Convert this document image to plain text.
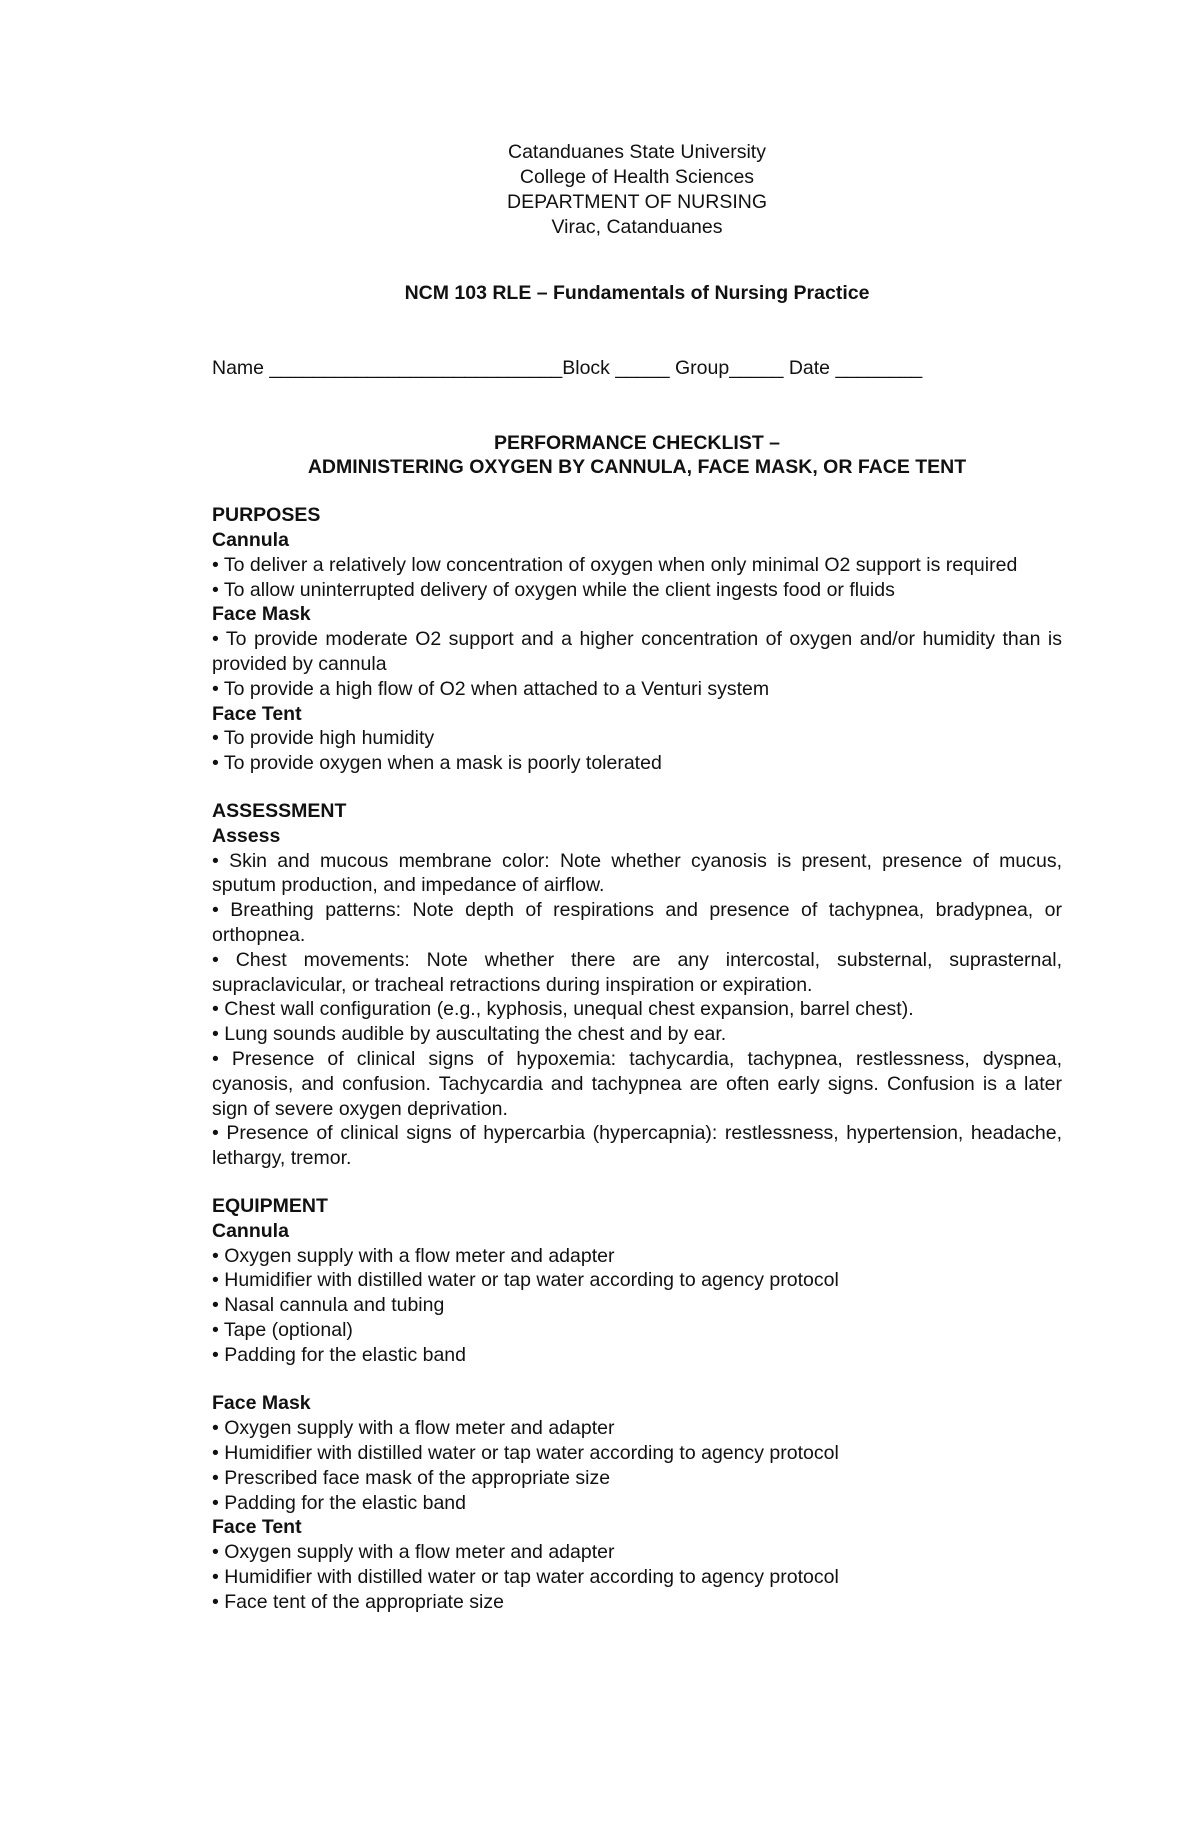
Catanduanes State University
College of Health Sciences
DEPARTMENT OF NURSING
Virac, Catanduanes
NCM 103 RLE – Fundamentals of Nursing Practice
Name ___________________________Block _____ Group_____ Date ________
PERFORMANCE CHECKLIST –
ADMINISTERING OXYGEN BY CANNULA, FACE MASK, OR FACE TENT
PURPOSES
Cannula
• To deliver a relatively low concentration of oxygen when only minimal O2 support is required
• To allow uninterrupted delivery of oxygen while the client ingests food or fluids
Face Mask
• To provide moderate O2 support and a higher concentration of oxygen and/or humidity than is provided by cannula
• To provide a high flow of O2 when attached to a Venturi system
Face Tent
• To provide high humidity
• To provide oxygen when a mask is poorly tolerated
ASSESSMENT
Assess
• Skin and mucous membrane color: Note whether cyanosis is present, presence of mucus, sputum production, and impedance of airflow.
• Breathing patterns: Note depth of respirations and presence of tachypnea, bradypnea, or orthopnea.
• Chest movements: Note whether there are any intercostal, substernal, suprasternal, supraclavicular, or tracheal retractions during inspiration or expiration.
• Chest wall configuration (e.g., kyphosis, unequal chest expansion, barrel chest).
• Lung sounds audible by auscultating the chest and by ear.
• Presence of clinical signs of hypoxemia: tachycardia, tachypnea, restlessness, dyspnea, cyanosis, and confusion. Tachycardia and tachypnea are often early signs. Confusion is a later sign of severe oxygen deprivation.
• Presence of clinical signs of hypercarbia (hypercapnia): restlessness, hypertension, headache, lethargy, tremor.
EQUIPMENT
Cannula
• Oxygen supply with a flow meter and adapter
• Humidifier with distilled water or tap water according to agency protocol
• Nasal cannula and tubing
• Tape (optional)
• Padding for the elastic band
Face Mask
• Oxygen supply with a flow meter and adapter
• Humidifier with distilled water or tap water according to agency protocol
• Prescribed face mask of the appropriate size
• Padding for the elastic band
Face Tent
• Oxygen supply with a flow meter and adapter
• Humidifier with distilled water or tap water according to agency protocol
• Face tent of the appropriate size
